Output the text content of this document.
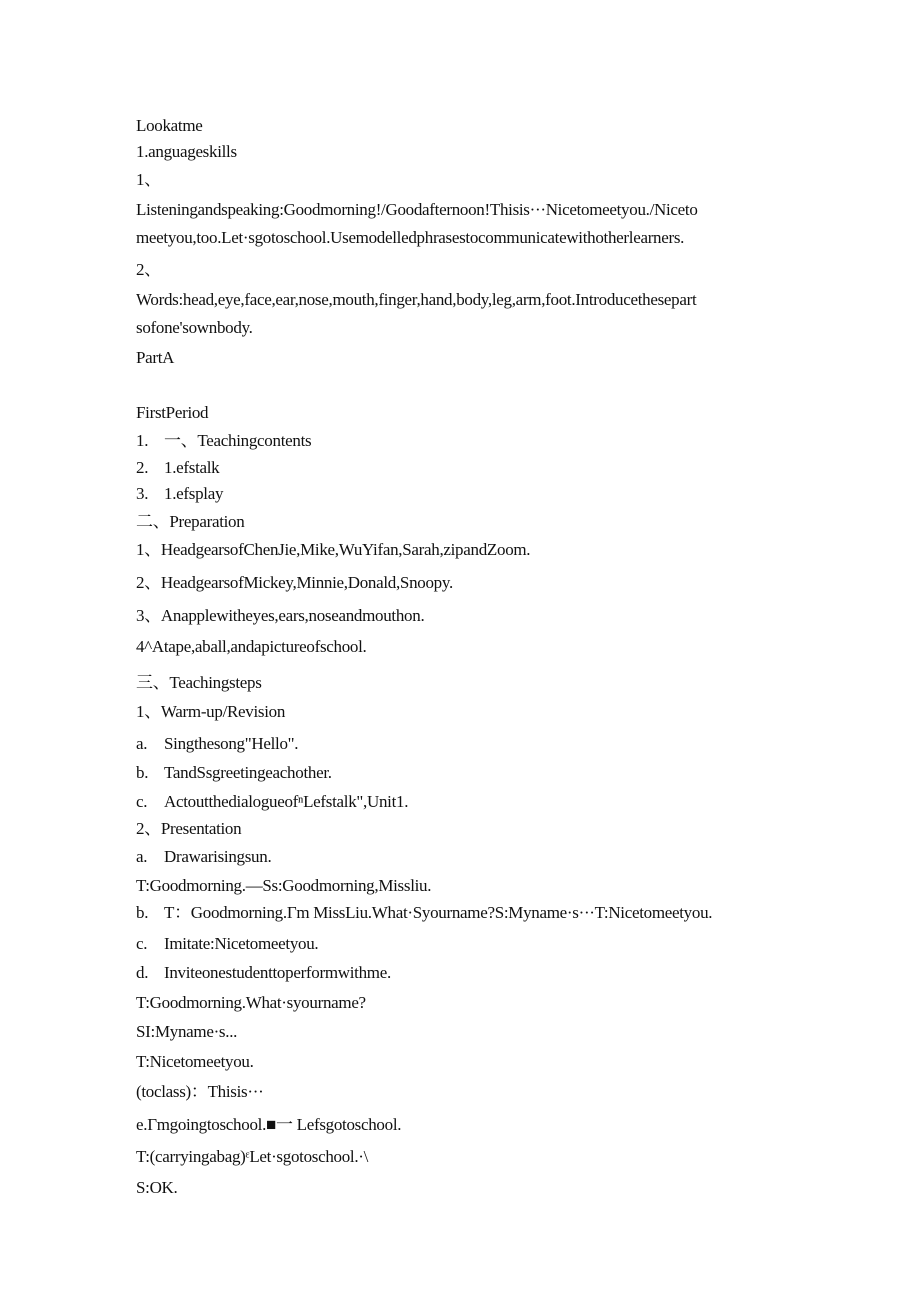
Lookatme
1.anguageskills
1、
Listeningandspeaking:Goodmorning!/Goodafternoon!Thisis···Nicetomeetyou./Niceto
meetyou,too.Let·sgotoschool.Usemodelledphrasestocommunicatewithotherlearners.
2、
Words:head,eye,face,ear,nose,mouth,finger,hand,body,leg,arm,foot.Introducethesepart
sofone'sownbody.
PartA
FirstPeriod
1. 一、Teachingcontents
2. 1.efstalk
3. 1.efsplay
二、Preparation
1、HeadgearsofChenJie,Mike,WuYifan,Sarah,zipandZoom.
2、HeadgearsofMickey,Minnie,Donald,Snoopy.
3、Anapplewitheyes,ears,noseandmouthon.
4^Atape,aball,andapictureofschool.
三、Teachingsteps
1、Warm-up/Revision
a. Singthesong"Hello".
b. TandSsgreetingeachother.
c. ActoutthedialogueofⁿLefstalk",Unit1.
2、Presentation
a. Drawarisingsun.
T:Goodmorning.—Ss:Goodmorning,Missliu.
b. T：Goodmorning.Γm MissLiu.What·Syourname?S:Myname·s···T:Nicetomeetyou.
c. Imitate:Nicetomeetyou.
d. Inviteonestudenttoperformwithme.
T:Goodmorning.What·syourname?
SI:Myname·s...
T:Nicetomeetyou.
(toclass)：Thisis···
e.Γmgoingtoschool.■一 Lefsgotoschool.
T:(carryingabag)ᵋLet·sgotoschool.·\
S:OK.
